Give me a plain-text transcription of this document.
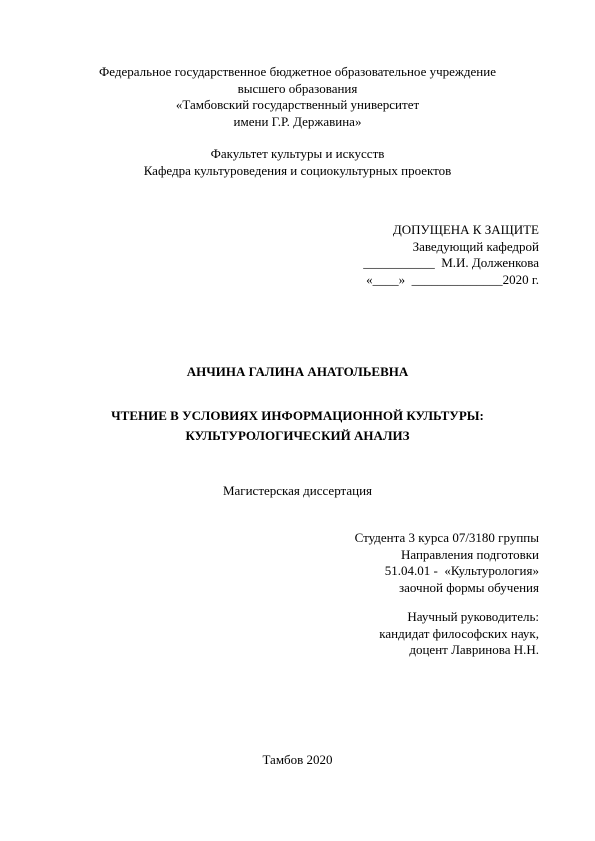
Федеральное государственное бюджетное образовательное учреждение
высшего образования
«Тамбовский государственный университет
имени Г.Р. Державина»
Факультет культуры и искусств
Кафедра культуроведения и социокультурных проектов
ДОПУЩЕНА К ЗАЩИТЕ
Заведующий кафедрой
___________  М.И. Долженкова
«____»  ______________2020 г.
АНЧИНА ГАЛИНА АНАТОЛЬЕВНА
ЧТЕНИЕ В УСЛОВИЯХ ИНФОРМАЦИОННОЙ КУЛЬТУРЫ:
КУЛЬТУРОЛОГИЧЕСКИЙ АНАЛИЗ
Магистерская диссертация
Студента 3 курса 07/3180 группы
Направления подготовки
51.04.01 -  «Культурология»
заочной формы обучения
Научный руководитель:
кандидат философских наук,
доцент Лавринова Н.Н.
Тамбов 2020
